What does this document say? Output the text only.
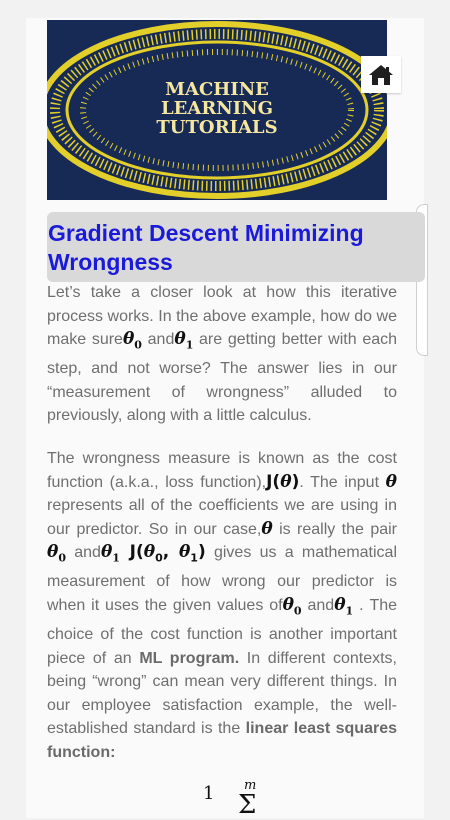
MACHINE
LEARNING
TUTORIALS
Gradient Descent Minimizing Wrongness

Let’s take a closer look at how this iterative process works. In the above example, how do we make sureθ$_0$ andθ$_1$ are getting better with each step, and not worse? The answer lies in our “measurement of wrongness” alluded to previously, along with a little calculus.

The wrongness measure is known as the cost function (a.k.a., loss function),J(θ). The input θ represents all of the coefficients we are using in our predictor. So in our case,θ is really the pair $\theta_0$ andθ$_1$ $J(\theta_0$, $\theta_1$) gives us a mathematical measurement of how wrong our predictor is when it uses the given values ofθ$_0$ andθ$_1$ . The choice of the cost function is another important piece of an ML program. In different contexts, being “wrong” can mean very different things. In our employee satisfaction example, the well-established standard is the linear least squares function:

1 m
Σ
